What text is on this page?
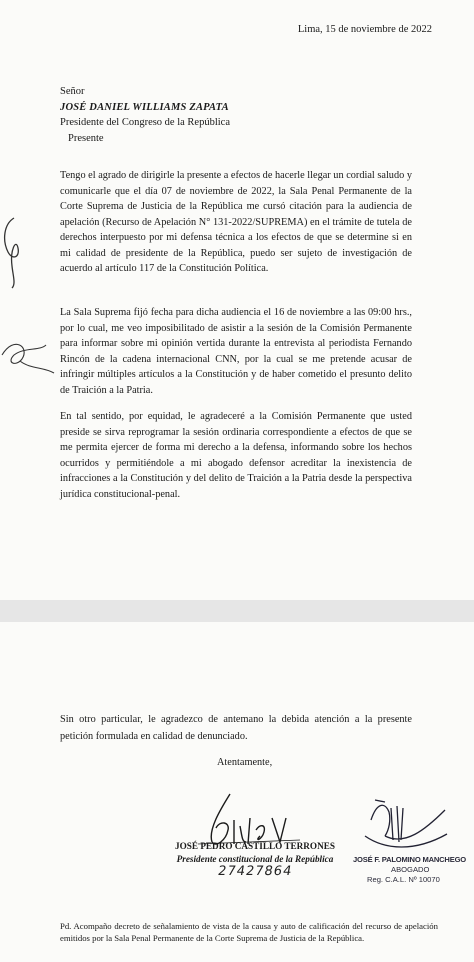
Lima, 15 de noviembre de 2022
Señor
JOSÉ DANIEL WILLIAMS ZAPATA
Presidente del Congreso de la República
Presente
Tengo el agrado de dirigirle la presente a efectos de hacerle llegar un cordial saludo y comunicarle que el día 07 de noviembre de 2022, la Sala Penal Permanente de la Corte Suprema de Justicia de la República me cursó citación para la audiencia de apelación (Recurso de Apelación N° 131-2022/SUPREMA) en el trámite de tutela de derechos interpuesto por mi defensa técnica a los efectos de que se determine si en mi calidad de presidente de la República, puedo ser sujeto de investigación de acuerdo al artículo 117 de la Constitución Política.
La Sala Suprema fijó fecha para dicha audiencia el 16 de noviembre a las 09:00 hrs., por lo cual, me veo imposibilitado de asistir a la sesión de la Comisión Permanente para informar sobre mi opinión vertida durante la entrevista al periodista Fernando Rincón de la cadena internacional CNN, por la cual se me pretende acusar de infringir múltiples artículos a la Constitución y de haber cometido el presunto delito de Traición a la Patria.
En tal sentido, por equidad, le agradeceré a la Comisión Permanente que usted preside se sirva reprogramar la sesión ordinaria correspondiente a efectos de que se me permita ejercer de forma mi derecho a la defensa, informando sobre los hechos ocurridos y permitiéndole a mi abogado defensor acreditar la inexistencia de infracciones a la Constitución y del delito de Traición a la Patria desde la perspectiva jurídica constitucional-penal.
Sin otro particular, le agradezco de antemano la debida atención a la presente petición formulada en calidad de denunciado.
Atentamente,
JOSÉ PEDRO CASTILLO TERRONES
Presidente constitucional de la República
27427864
JOSÉ F. PALOMINO MANCHEGO
ABOGADO
Reg. C.A.L. Nº 10070
Pd. Acompaño decreto de señalamiento de vista de la causa y auto de calificación del recurso de apelación emitidos por la Sala Penal Permanente de la Corte Suprema de Justicia de la República.
